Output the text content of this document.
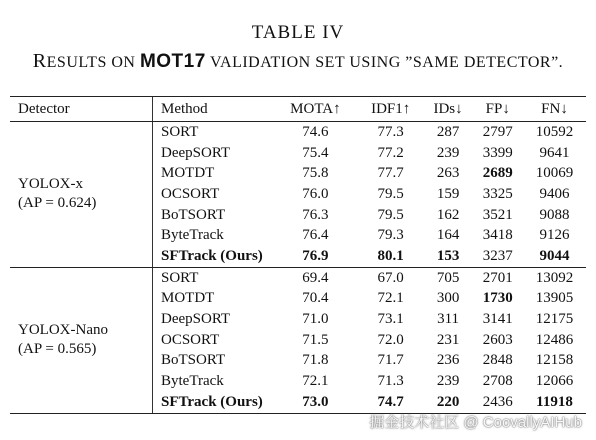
TABLE IV
RESULTS ON MOT17 VALIDATION SET USING ”SAME DETECTOR”.
Detector	Method	MOTA↑	IDF1↑	IDs↓	FP↓	FN↓

YOLOX-x
(AP = 0.624)	SORT	74.6	77.3	287	2797	10592
	DeepSORT	75.4	77.2	239	3399	9641
	MOTDT	75.8	77.7	263	2689	10069
	OCSORT	76.0	79.5	159	3325	9406
	BoTSORT	76.3	79.5	162	3521	9088
	ByteTrack	76.4	79.3	164	3418	9126
	SFTrack (Ours)	76.9	80.1	153	3237	9044

YOLOX-Nano
(AP = 0.565)	SORT	69.4	67.0	705	2701	13092
	MOTDT	70.4	72.1	300	1730	13905
	DeepSORT	71.0	73.1	311	3141	12175
	OCSORT	71.5	72.0	231	2603	12486
	BoTSORT	71.8	71.7	236	2848	12158
	ByteTrack	72.1	71.3	239	2708	12066
	SFTrack (Ours)	73.0	74.7	220	2436	11918
掘金技术社区 @ CoovallyAIHub
